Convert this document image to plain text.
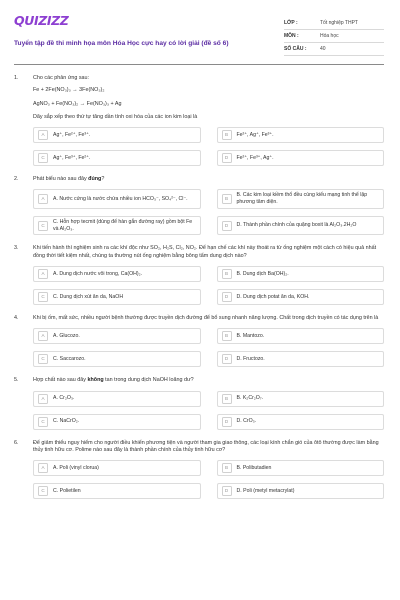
QUIZIZZ
Tuyển tập đề thi minh họa môn Hóa Học cực hay có lời giải (đề số 6)
LỚP :	Tốt nghiệp THPT
MÔN :	Hóa học
SỐ CÂU :	40
1.	Cho các phản ứng sau:
Fe + 2Fe(NO₃)₃ → 3Fe(NO₃)₂
AgNO₃ + Fe(NO₃)₂ → Fe(NO₃)₃ + Ag
Dãy sắp xếp theo thứ tự tăng dần tính oxi hóa của các ion kim loại là
A	Ag⁺, Fe²⁺, Fe³⁺.	B	Fe²⁺, Ag⁺, Fe³⁺.
C	Ag⁺, Fe³⁺, Fe²⁺.	D	Fe²⁺, Fe³⁺, Ag⁺.
2.	Phát biểu nào sau đây đúng?
A	A. Nước cứng là nước chứa nhiều ion HCO₃⁻, SO₄²⁻, Cl⁻.	B
B. Các kim loại kiềm thổ đều cùng kiểu mạng tinh thể lập phương tâm diện.
C
C. Hỗn hợp tecmit (dùng để hàn gắn đường ray) gồm bột Fe và Al₂O₃.
D	D. Thành phần chính của quặng boxit là Al₂O₃.2H₂O
3.	Khi tiến hành thí nghiệm sinh ra các khí độc như SO₂, H₂S, Cl₂, NO₂. Để hạn chế các khí này thoát ra từ ống nghiệm một cách có hiệu quả nhất đồng thời tiết kiệm nhất, chúng ta thường nút ống nghiệm bằng bông tẩm dung dịch nào?
A	A. Dung dịch nước vôi trong, Ca(OH)₂.	B	B. Dung dịch Ba(OH)₂.
C	C. Dung dịch xút ăn da, NaOH	D	D. Dung dịch potat ăn da, KOH.
4.	Khi bị ốm, mất sức, nhiều người bệnh thường được truyền dịch đường để bổ sung nhanh năng lượng. Chất trong dịch truyền có tác dụng trên là
A	A. Glucozo.	B	B. Mantozo.
C	C. Saccarozo.	D	D. Fructozo.
5.	Hợp chất nào sau đây không tan trong dung dịch NaOH loãng dư?
A	A. Cr₂O₃.	B	B. K₂Cr₂O₇.
C	C. NaCrO₂.	D	D. CrO₃.
6.	Để giảm thiểu nguy hiểm cho người điều khiển phương tiện và người tham gia giao thông, các loại kính chắn gió của ôtô thường được làm bằng thủy tinh hữu cơ. Polime nào sau đây là thành phần chính của thủy tinh hữu cơ?
A	A. Poli (vinyl clorua)	B	B. Polibutadien
C	C. Polietilen	D	D. Poli (metyl metacrylat)
